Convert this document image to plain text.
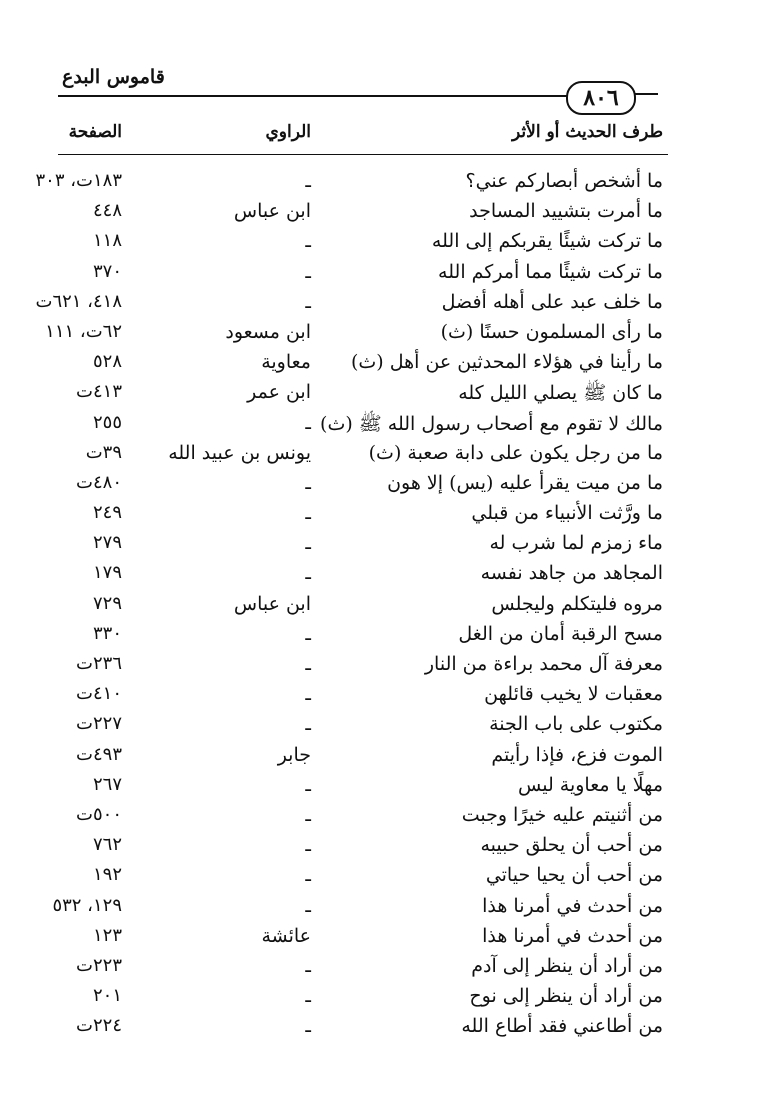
قاموس البدع
٨٠٦
طرف الحديث أو الأثر
الراوي
الصفحة
ما أشخص أبصاركم عني؟
ـ
١٨٣ت، ٣٠٣
ما أمرت بتشييد المساجد
ابن عباس
٤٤٨
ما تركت شيئًا يقربكم إلى الله
ـ
١١٨
ما تركت شيئًا مما أمركم الله
ـ
٣٧٠
ما خلف عبد على أهله أفضل
ـ
٤١٨، ٦٢١ت
ما رأى المسلمون حسنًا (ث)
ابن مسعود
٦٢ت، ١١١
ما رأينا في هؤلاء المحدثين عن أهل (ث)
معاوية
٥٢٨
ما كان ﷺ يصلي الليل كله
ابن عمر
٤١٣ت
مالك لا تقوم مع أصحاب رسول الله ﷺ (ث)
ـ
٢٥٥
ما من رجل يكون على دابة صعبة (ث)
يونس بن عبيد الله
٣٩ت
ما من ميت يقرأ عليه (يس) إلا هون
ـ
٤٨٠ت
ما ورَّثت الأنبياء من قبلي
ـ
٢٤٩
ماء زمزم لما شرب له
ـ
٢٧٩
المجاهد من جاهد نفسه
ـ
١٧٩
مروه فليتكلم وليجلس
ابن عباس
٧٢٩
مسح الرقبة أمان من الغل
ـ
٣٣٠
معرفة آل محمد براءة من النار
ـ
٢٣٦ت
معقبات لا يخيب قائلهن
ـ
٤١٠ت
مكتوب على باب الجنة
ـ
٢٢٧ت
الموت فزع، فإذا رأيتم
جابر
٤٩٣ت
مهلًا يا معاوية ليس
ـ
٢٦٧
من أثنيتم عليه خيرًا وجبت
ـ
٥٠٠ت
من أحب أن يحلق حبيبه
ـ
٧٦٢
من أحب أن يحيا حياتي
ـ
١٩٢
من أحدث في أمرنا هذا
ـ
١٢٩، ٥٣٢
من أحدث في أمرنا هذا
عائشة
١٢٣
من أراد أن ينظر إلى آدم
ـ
٢٢٣ت
من أراد أن ينظر إلى نوح
ـ
٢٠١
من أطاعني فقد أطاع الله
ـ
٢٢٤ت
